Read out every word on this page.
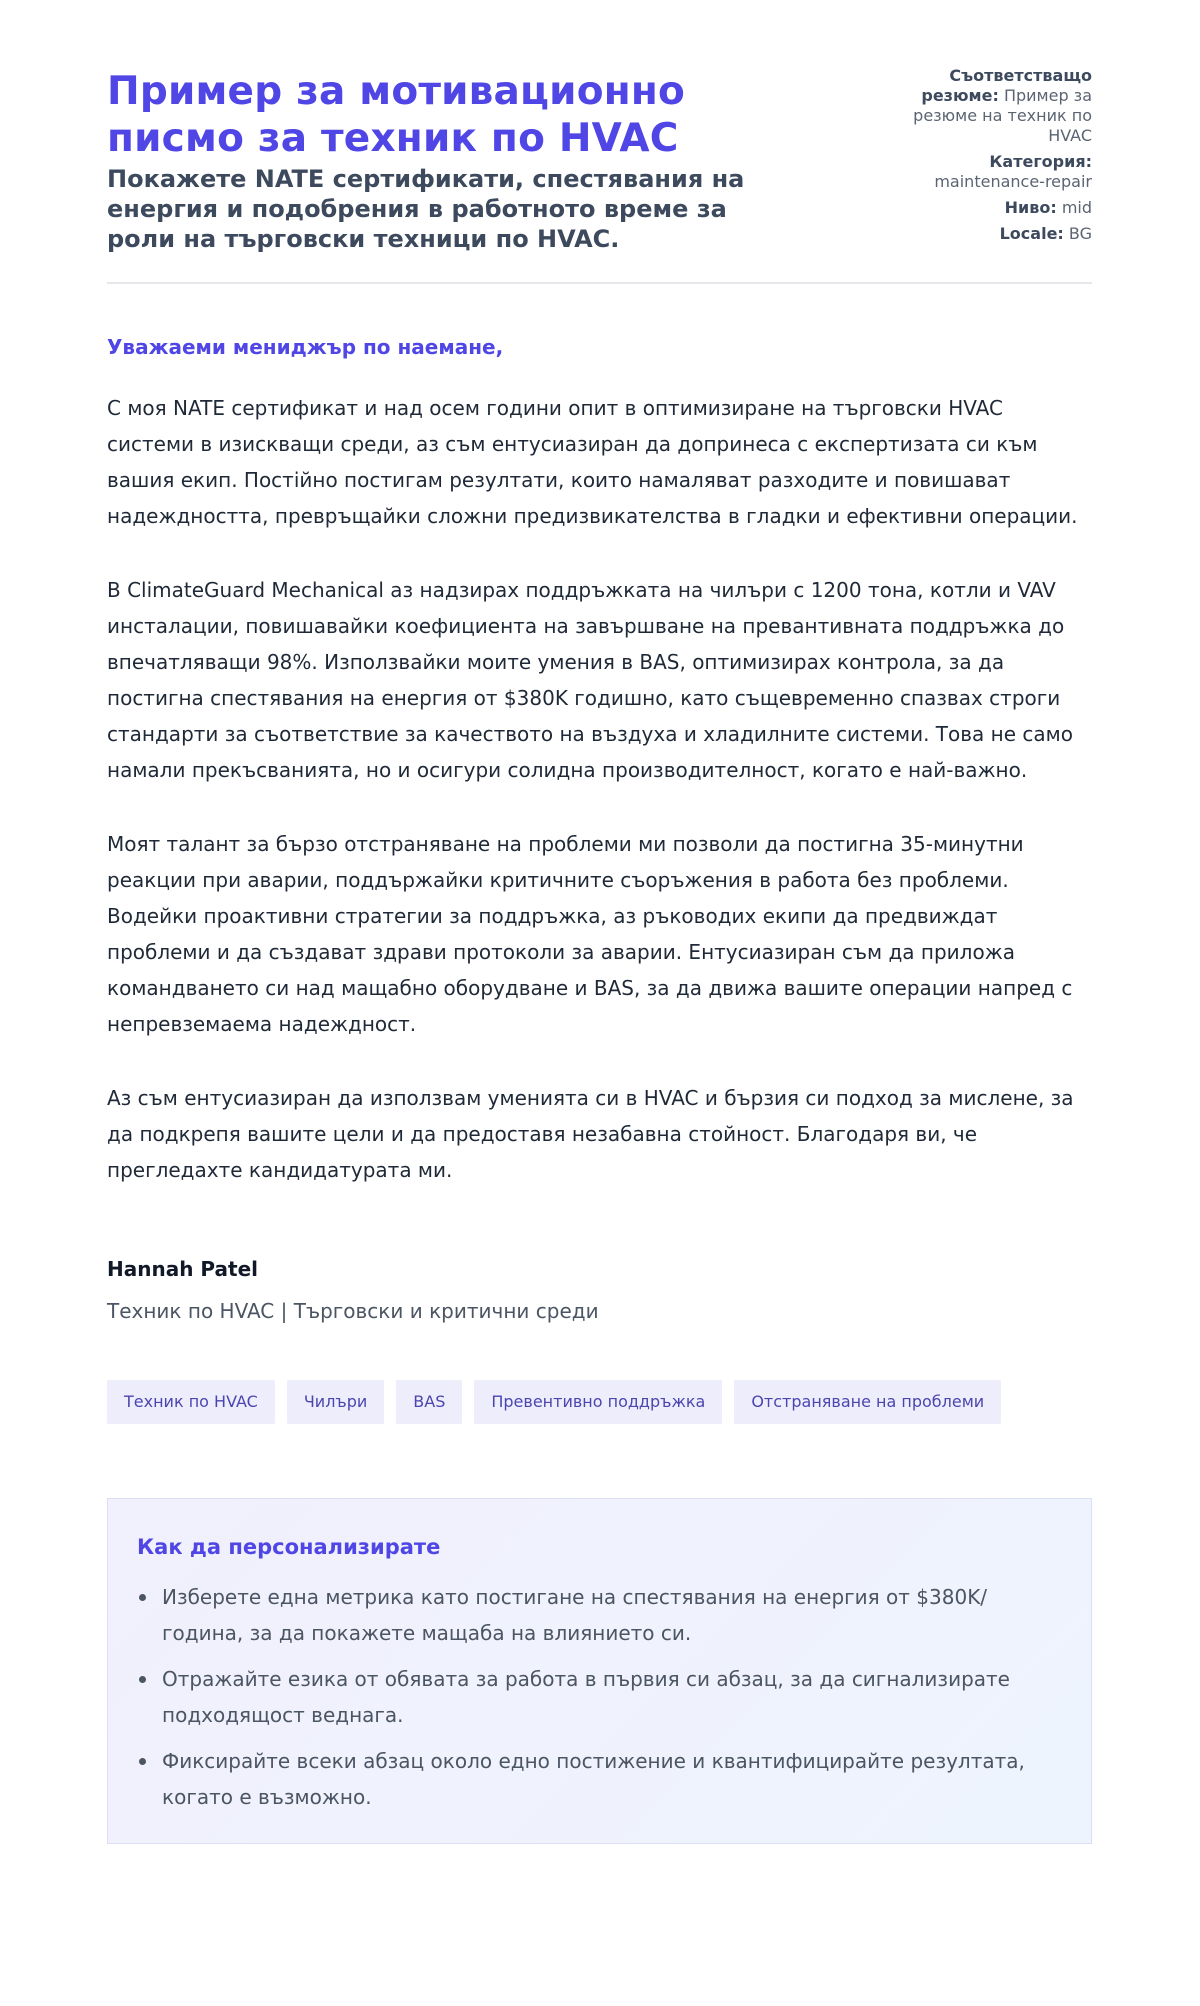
Пример за мотивационно писмо за техник по HVAC
Покажете NATE сертификати, спестявания на енергия и подобрения в работното време за роли на търговски техници по HVAC.
Съответстващо резюме: Пример за резюме на техник по HVAC
Категория: maintenance-repair
Ниво: mid
Locale: BG

Уважаеми мениджър по наемане,

С моя NATE сертификат и над осем години опит в оптимизиране на търговски HVAC системи в изискващи среди, аз съм ентусиазиран да допринеса с експертизата си към вашия екип. Постійно постигам резултати, които намаляват разходите и повишават надеждността, превръщайки сложни предизвикателства в гладки и ефективни операции.

В ClimateGuard Mechanical аз надзирах поддръжката на чилъри с 1200 тона, котли и VAV инсталации, повишавайки коефициента на завършване на превантивната поддръжка до впечатляващи 98%. Използвайки моите умения в BAS, оптимизирах контрола, за да постигна спестявания на енергия от $380K годишно, като същевременно спазвах строги стандарти за съответствие за качеството на въздуха и хладилните системи. Това не само намали прекъсванията, но и осигури солидна производителност, когато е най-важно.

Моят талант за бързо отстраняване на проблеми ми позволи да постигна 35-минутни реакции при аварии, поддържайки критичните съоръжения в работа без проблеми. Водейки проактивни стратегии за поддръжка, аз ръководих екипи да предвиждат проблеми и да създават здрави протоколи за аварии. Ентусиазиран съм да приложа командването си над мащабно оборудване и BAS, за да движа вашите операции напред с непревземаема надеждност.

Аз съм ентусиазиран да използвам уменията си в HVAC и бързия си подход за мислене, за да подкрепя вашите цели и да предоставя незабавна стойност. Благодаря ви, че прегледахте кандидатурата ми.

Hannah Patel
Техник по HVAC | Търговски и критични среди
Техник по HVAC	Чилъри	BAS	Превентивно поддръжка	Отстраняване на проблеми
Как да персонализирате
Изберете една метрика като постигане на спестявания на енергия от $380K/година, за да покажете мащаба на влиянието си.
Отражайте езика от обявата за работа в първия си абзац, за да сигнализирате подходящост веднага.
Фиксирайте всеки абзац около едно постижение и квантифицирайте резултата, когато е възможно.
